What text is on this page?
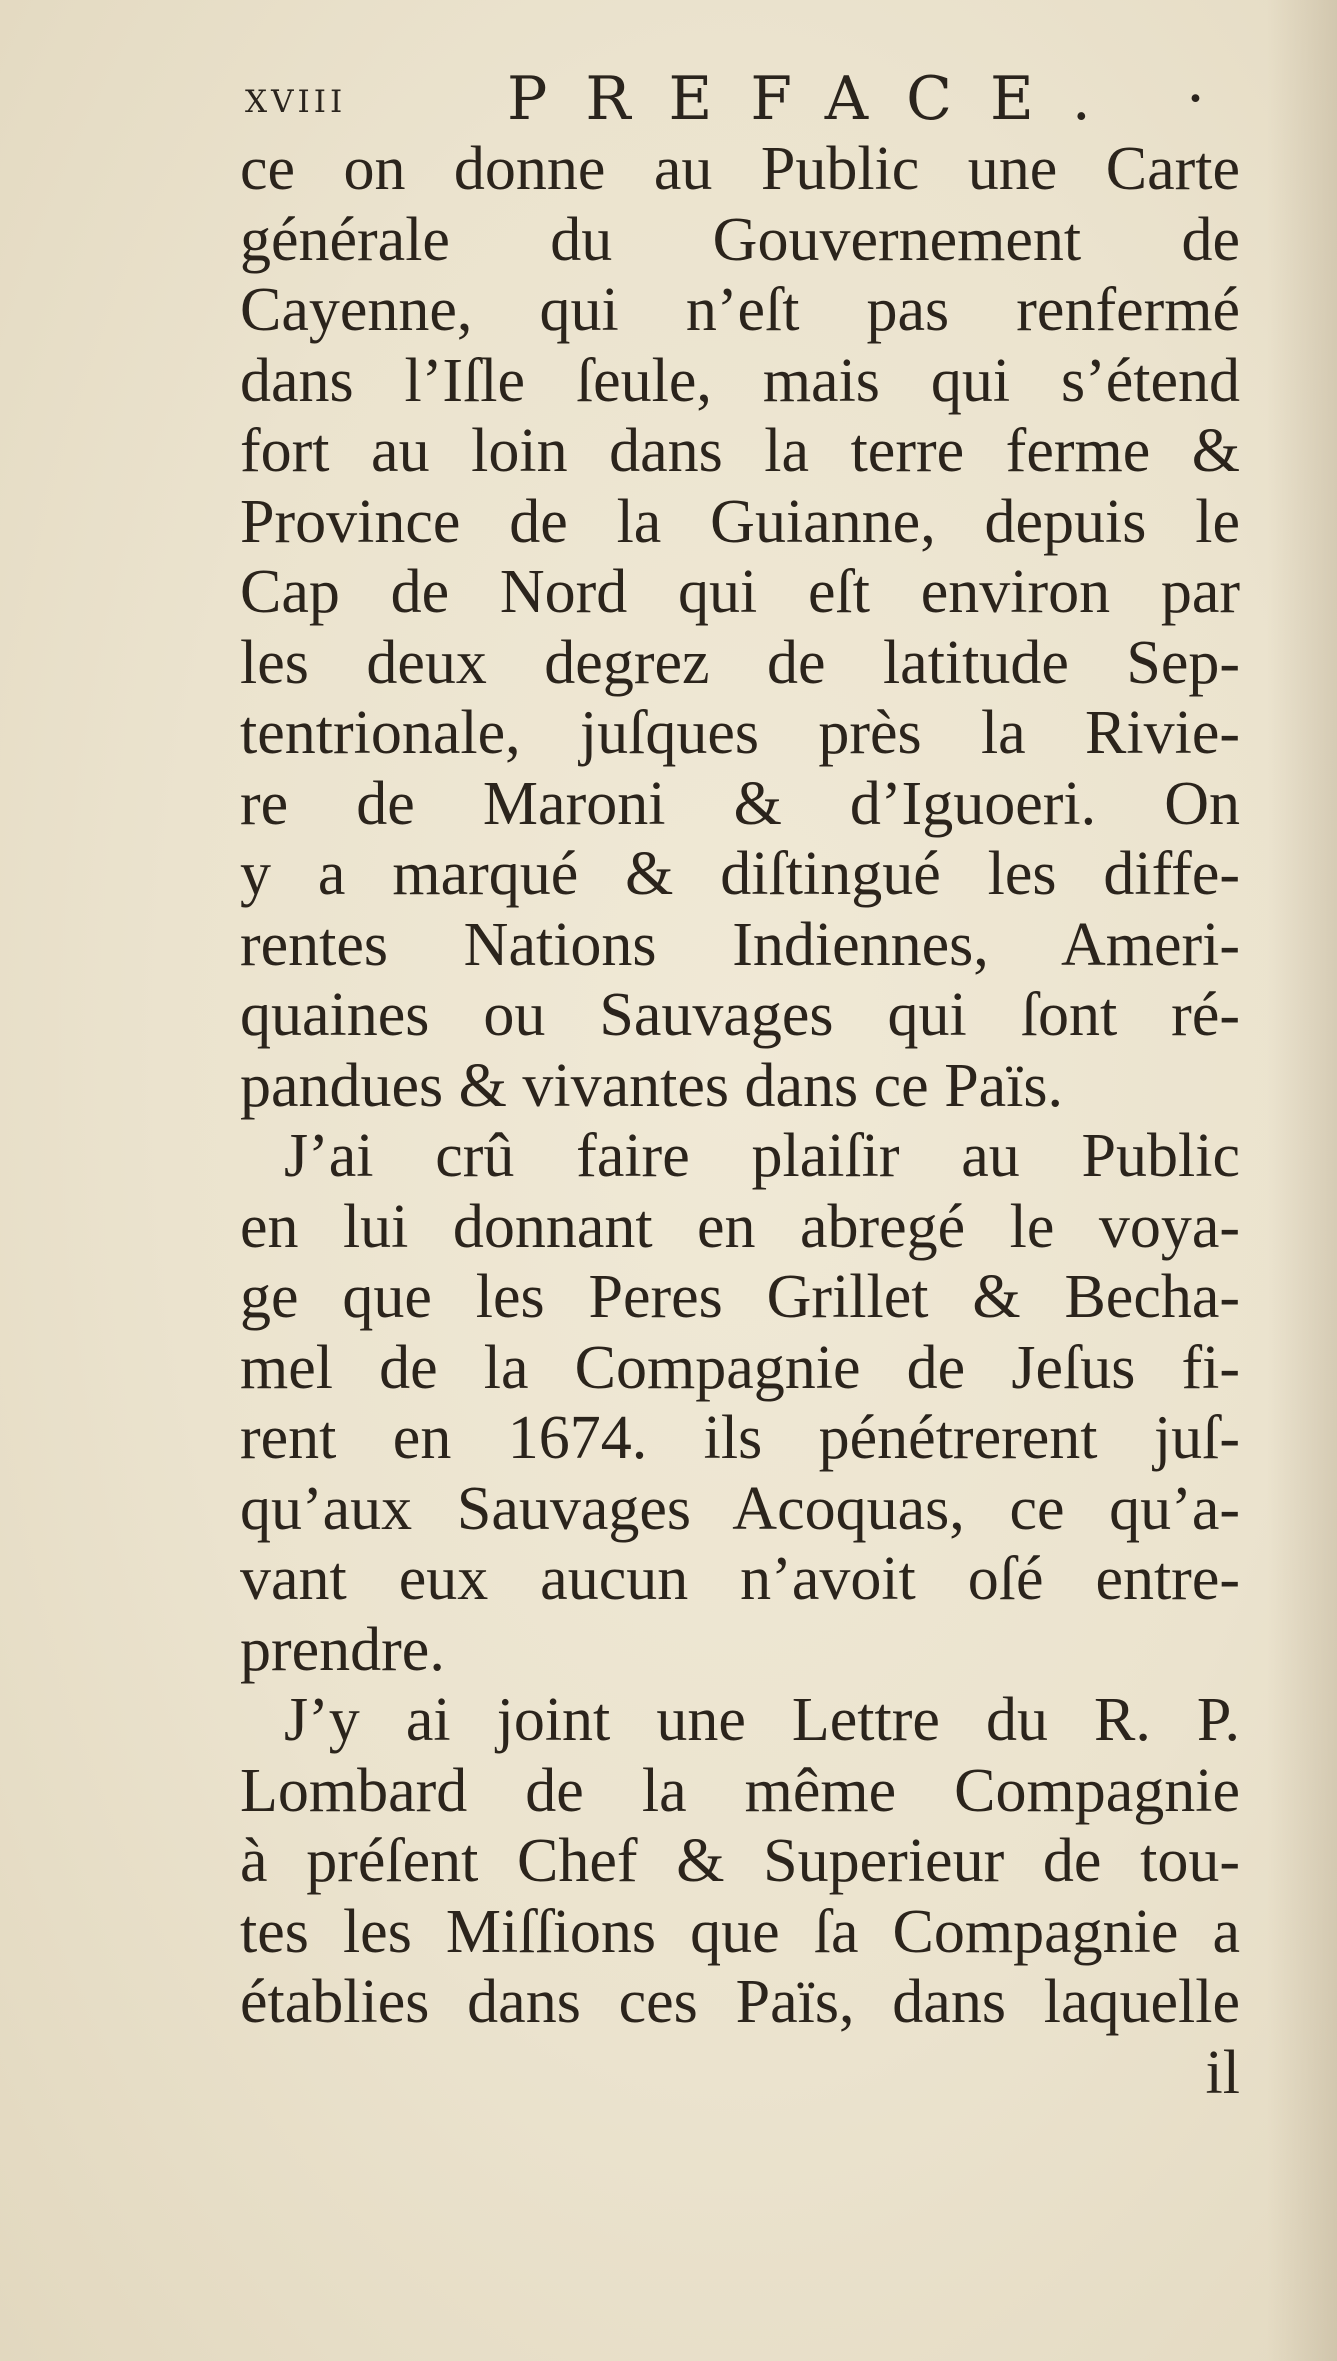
xviii	PREFACE. ·
ce on donne au Public une Carte
générale du Gouvernement de
Cayenne, qui n’eſt pas renfermé
dans l’Iſle ſeule, mais qui s’étend
fort au loin dans la terre ferme &
Province de la Guianne, depuis le
Cap de Nord qui eſt environ par
les deux degrez de latitude Sep-
tentrionale, juſques près la Rivie-
re de Maroni & d’Iguoeri. On
y a marqué & diſtingué les diffe-
rentes Nations Indiennes, Ameri-
quaines ou Sauvages qui ſont ré-
pandues & vivantes dans ce Païs.
J’ai crû faire plaiſir au Public
en lui donnant en abregé le voya-
ge que les Peres Grillet & Becha-
mel de la Compagnie de Jeſus fi-
rent en 1674. ils pénétrerent juſ-
qu’aux Sauvages Acoquas, ce qu’a-
vant eux aucun n’avoit oſé entre-
prendre.
J’y ai joint une Lettre du R. P.
Lombard de la même Compagnie
à préſent Chef & Superieur de tou-
tes les Miſſions que ſa Compagnie a
établies dans ces Païs, dans laquelle
il
